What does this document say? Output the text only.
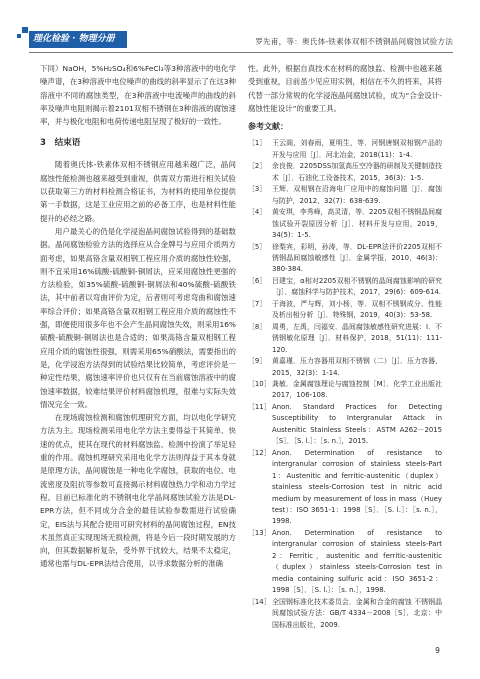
理化检验 · 物理分册	罗先甫，等：奥氏体-铁素体双相不锈钢晶间腐蚀试验方法

下同）NaOH，5%H₂SO₄和6%FeCl₃等3种溶液中的电化学噪声谱，在3种溶液中电位噪声的曲线的斜率显示了在这3种溶液中不同的腐蚀类型，在3种溶液中电流噪声的曲线的斜率及噪声电阻则揭示着2101双相不锈钢在3种溶液的腐蚀速率，并与极化电阻和电荷传递电阻呈现了极好的一致性。

3　结束语

随着奥氏体-铁素体双相不锈钢应用越来越广泛，晶间腐蚀性能检测也越来越受到重视，供需双方需进行相关试验以获取第三方的材料检测合格证书，为材料的使用单位提供第一手数据，这是工业应用之前的必备工序，也是材料性能提升的必经之路。

用户最关心的仍是化学浸泡晶间腐蚀试验得到的基础数据。晶间腐蚀检验方法的选择应从合金牌号与应用介质两方面考虑，如果高铬含量双相钢工程应用介质的腐蚀性较强，则不宜采用16%硫酸-硫酸铜-铜屑法，应采用腐蚀性更强的方法检验，如35%硫酸-硫酸铜-铜屑法和40%硫酸-硫酸铁法，其中前者以弯曲评价为定，后者则可考虑弯曲和腐蚀速率综合评价；如果高铬含量双相钢工程应用介质的腐蚀性不强，即便使用很多年也不会产生晶间腐蚀失效，则采用16%硫酸-硫酸铜-铜屑法也是合适的；如果高铬含量双相钢工程应用介质的腐蚀性很强，则需采用65%硝酸法，需要指出的是，化学浸泡方法得到的试验结果比较简单，考虑评价是一种定性结果，腐蚀速率评价也只仅有在当前腐蚀溶液中的腐蚀速率数据，较难结果评价材料腐蚀机理，很难与实际失效情况完全一致。

在现场腐蚀检测和腐蚀机理研究方面，均以电化学研究方法为主。现场检测采用电化学方法主要得益于其简单、快速的优点，使其在现代的材料腐蚀监、检测中扮演了举足轻重的作用。腐蚀机理研究采用电化学方法则得益于其本身就是原理方法，晶间腐蚀是一种电化学腐蚀，获取的电位、电流密度及阻抗等参数可直接揭示材料腐蚀热力学和动力学过程。目前已标准化的不锈钢电化学晶间腐蚀试验方法是DL-EPR方法，但不同成分合金的最佳试验参数需进行试验确定，EIS法与其配合使用可研究材料的晶间腐蚀过程，EN技术虽然真正实现现场无损检测，将是今后一段时期发展的方向，但其数据解析复杂，受外界干扰较大，结果不太稳定，通常也需与DL-EPR法结合使用，以寻求数据分析的准确

性。此外，根据自真技术在材料的腐蚀监、检测中也越来越受到重视，目前虽少见应用实例，相信在不久的将来，其将代替一部分常规的化学浸泡晶间腐蚀试验，成为“合金设计-腐蚀性能设计”的重要工具。

参考文献：
［1］ 王云阁，刘春雨，夏明生，等．河钢唐钢双相钢产品的开发与应用［J］．河北冶金，2018(11)：1-4.
［2］ 余良俊．2205DSS加氢高压空冷器的研制及关键制造技术［J］．石油化工设备技术，2015，36(3)：1-5.
［3］ 王辉．双相钢在沿海电厂应用中的腐蚀问题［J］．腐蚀与防护，2012，32(7)：638-639.
［4］ 黄安琪，李秀峰，高灵清，等．2205双相不锈钢晶间腐蚀试验开裂原因分析［J］．材料开发与应用，2019，34(5)：1-5.
［5］ 徐梨宾，彩明，孙涛，等．DL-EPR法评价2205双相不锈钢晶间腐蚀敏感性［J］．金属学报，2010，46(3)：380-384.
［6］ 吕建宝，α相对2205双相不锈钢的晶间腐蚀影响的研究［J］．腐蚀科学与防护技术，2017，29(6)：609-614.
［7］ 于海波，严与辉，刘小杨，等．双相不锈钢成分、性能及析出相分析［J］．特殊钢，2019，40(3)：53-58.
［8］ 周勇，左禹，闫福安．晶间腐蚀敏感性研究进展：Ⅰ．不锈钢敏化原理［J］．材料保护，2018，51(11)：111-120.
［9］ 黄嘉瑾．压力容器用双相不锈钢（二）［J］．压力容器，2015，32(3)：1-14.
［10］ 龚敏．金属腐蚀理论与腐蚀控制［M］．化学工业出版社2017，106-108.
［11］ Anon. Standard Practices for Detecting Susceptibility to Intergranular Attack in Austenitic Stainless Steels：ASTM A262－2015［S］．［S. l.］：［s. n.］，2015.
［12］ Anon. Determination of resistance to intergranular corrosion of stainless steels-Part 1：Austenitic and ferritic-austenitic（duplex）stainless steels-Corrosion test in nitric acid medium by measurement of loss in mass（Huey test）：ISO 3651-1：1998［S］．［S. l.］：［s. n.］，1998.
［13］ Anon. Determination of resistance to intergranular corrosion of stainless steels-Part 2：Ferritic，austenitic and ferritic-austenitic（duplex）stainless steels-Corrosion test in media containing sulfuric acid：ISO 3651-2：1998［S］．［S. l.］：［s. n.］，1998.
［14］ 全国钢标准化技术委员会．金属和合金的腐蚀 不锈钢晶间腐蚀试验方法：GB/T 4334－2008［S］．北京：中国标准出版社，2009.
9
